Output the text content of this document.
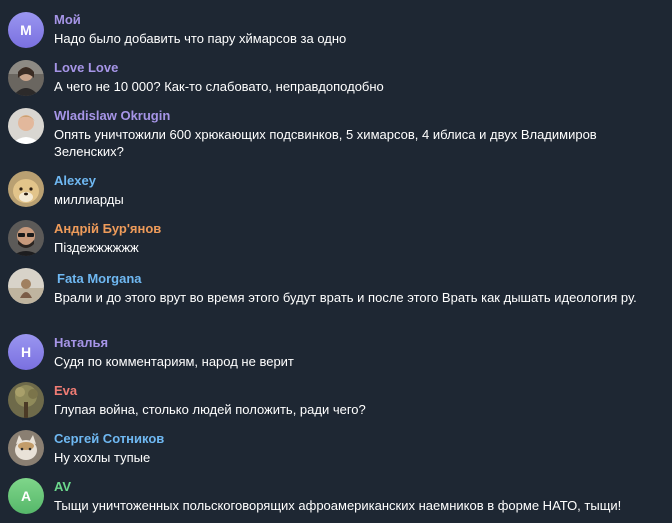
М
Мой
Надо было добавить что пару хймарсов за одно
Love Love
А чего не 10 000? Как-то слабовато, неправдоподобно
Wladislaw Okrugin
Опять уничтожили 600 хрюкающих подсвинков, 5 химарсов, 4 иблиса и двух Владимиров Зеленских?
Alexey
миллиарды
Андрій Бур'янов
Піздежжжжжж
Fata Morgana
Врали и до этого врут во время этого будут врать и после этого Врать как дышать идеология ру.
Н
Наталья
Судя по комментариям, народ не верит
Eva
Глупая война, столько людей положить, ради чего?
Сергей Сотников
Ну хохлы тупые
A
AV
Тыщи уничтоженных польскоговорящих афроамериканских наемников в форме НАТО, тыщи!
